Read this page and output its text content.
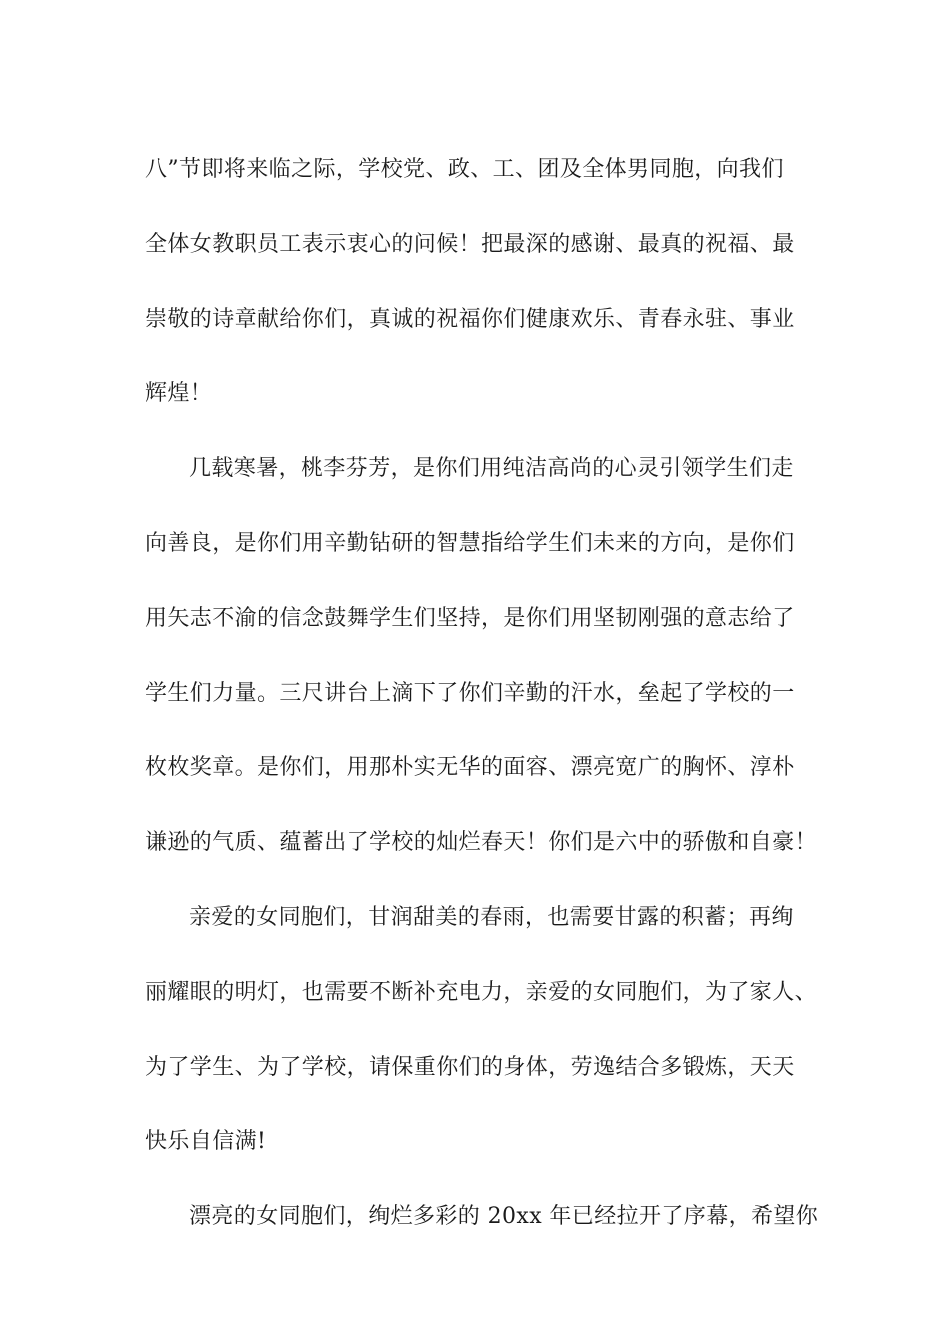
八”节即将来临之际，学校党、政、工、团及全体男同胞，向我们
全体女教职员工表示衷心的问候！把最深的感谢、最真的祝福、最
崇敬的诗章献给你们，真诚的祝福你们健康欢乐、青春永驻、事业
辉煌！
几载寒暑，桃李芬芳，是你们用纯洁高尚的心灵引领学生们走
向善良，是你们用辛勤钻研的智慧指给学生们未来的方向，是你们
用矢志不渝的信念鼓舞学生们坚持，是你们用坚韧刚强的意志给了
学生们力量。三尺讲台上滴下了你们辛勤的汗水，垒起了学校的一
枚枚奖章。是你们，用那朴实无华的面容、漂亮宽广的胸怀、淳朴
谦逊的气质、蕴蓄出了学校的灿烂春天！你们是六中的骄傲和自豪！
亲爱的女同胞们，甘润甜美的春雨，也需要甘露的积蓄；再绚
丽耀眼的明灯，也需要不断补充电力，亲爱的女同胞们，为了家人、
为了学生、为了学校，请保重你们的身体，劳逸结合多锻炼，天天
快乐自信满!
漂亮的女同胞们，绚烂多彩的 20xx 年已经拉开了序幕，希望你
